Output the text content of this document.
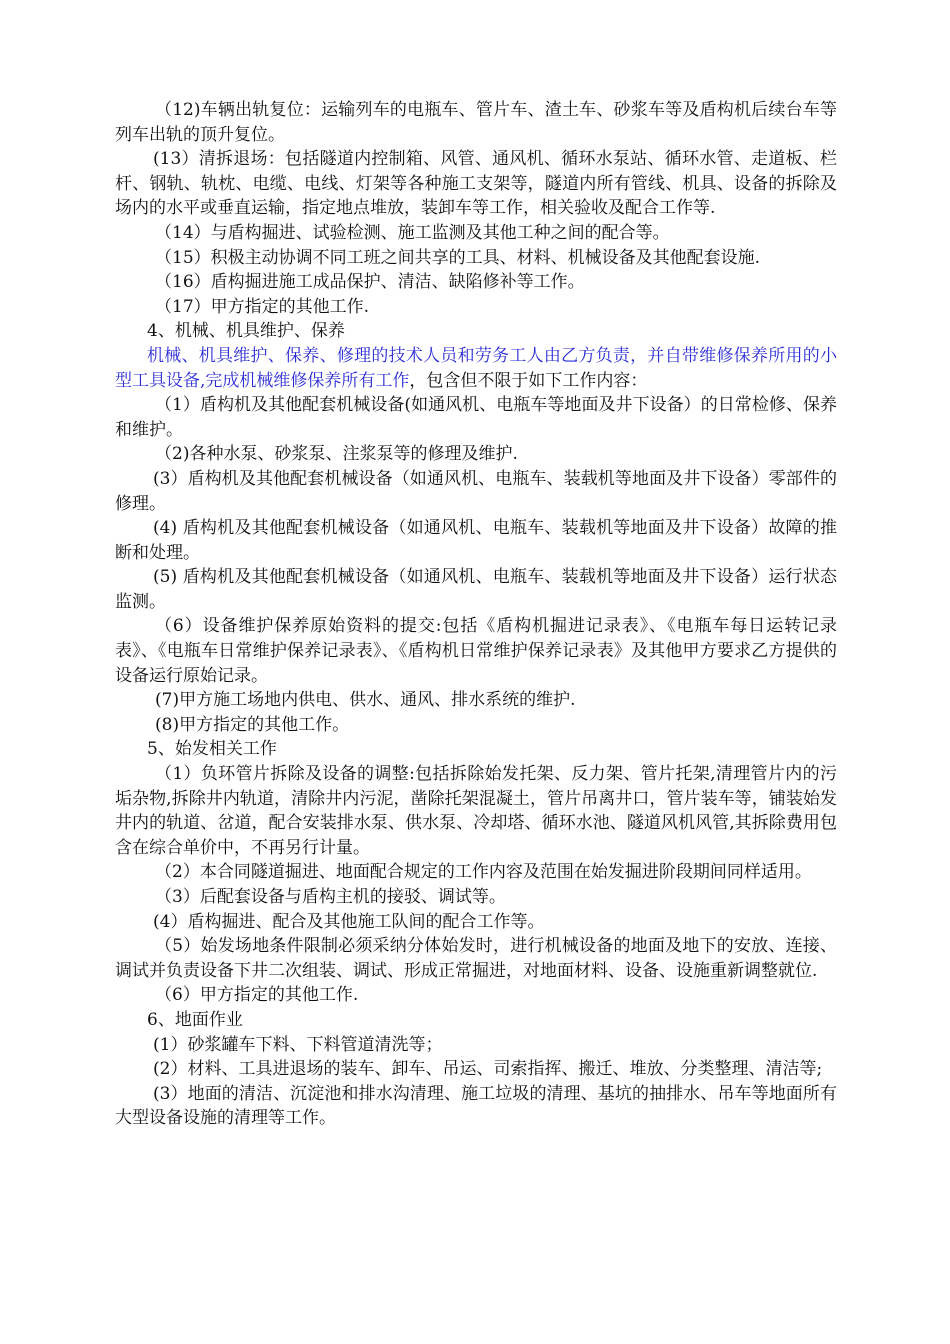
（12)车辆出轨复位：运输列车的电瓶车、管片车、渣土车、砂浆车等及盾构机后续台车等列车出轨的顶升复位。

(13）清拆退场：包括隧道内控制箱、风管、通风机、循环水泵站、循环水管、走道板、栏杆、钢轨、轨枕、电缆、电线、灯架等各种施工支架等，隧道内所有管线、机具、设备的拆除及场内的水平或垂直运输，指定地点堆放，装卸车等工作，相关验收及配合工作等.

（14）与盾构掘进、试验检测、施工监测及其他工种之间的配合等。

（15）积极主动协调不同工班之间共享的工具、材料、机械设备及其他配套设施.

（16）盾构掘进施工成品保护、清洁、缺陷修补等工作。

（17）甲方指定的其他工作.

4、机械、机具维护、保养

机械、机具维护、保养、修理的技术人员和劳务工人由乙方负责，并自带维修保养所用的小型工具设备,完成机械维修保养所有工作，包含但不限于如下工作内容：

（1）盾构机及其他配套机械设备(如通风机、电瓶车等地面及井下设备）的日常检修、保养和维护。

（2)各种水泵、砂浆泵、注浆泵等的修理及维护.

(3）盾构机及其他配套机械设备（如通风机、电瓶车、装载机等地面及井下设备）零部件的修理。

(4) 盾构机及其他配套机械设备（如通风机、电瓶车、装载机等地面及井下设备）故障的推断和处理。

(5) 盾构机及其他配套机械设备（如通风机、电瓶车、装载机等地面及井下设备）运行状态监测。

（6）设备维护保养原始资料的提交:包括《盾构机掘进记录表》、《电瓶车每日运转记录表》、《电瓶车日常维护保养记录表》、《盾构机日常维护保养记录表》及其他甲方要求乙方提供的设备运行原始记录。

(7)甲方施工场地内供电、供水、通风、排水系统的维护.

(8)甲方指定的其他工作。

5、始发相关工作

（1）负环管片拆除及设备的调整:包括拆除始发托架、反力架、管片托架,清理管片内的污垢杂物,拆除井内轨道，清除井内污泥，凿除托架混凝土，管片吊离井口，管片装车等，铺装始发井内的轨道、岔道，配合安装排水泵、供水泵、冷却塔、循环水池、隧道风机风管,其拆除费用包含在综合单价中，不再另行计量。

（2）本合同隧道掘进、地面配合规定的工作内容及范围在始发掘进阶段期间同样适用。

（3）后配套设备与盾构主机的接驳、调试等。

(4）盾构掘进、配合及其他施工队间的配合工作等。

（5）始发场地条件限制必须采纳分体始发时，进行机械设备的地面及地下的安放、连接、调试并负责设备下井二次组装、调试、形成正常掘进，对地面材料、设备、设施重新调整就位.

（6）甲方指定的其他工作.

6、地面作业

(1）砂浆罐车下料、下料管道清洗等；

(2）材料、工具进退场的装车、卸车、吊运、司索指挥、搬迁、堆放、分类整理、清洁等;

(3）地面的清洁、沉淀池和排水沟清理、施工垃圾的清理、基坑的抽排水、吊车等地面所有大型设备设施的清理等工作。
